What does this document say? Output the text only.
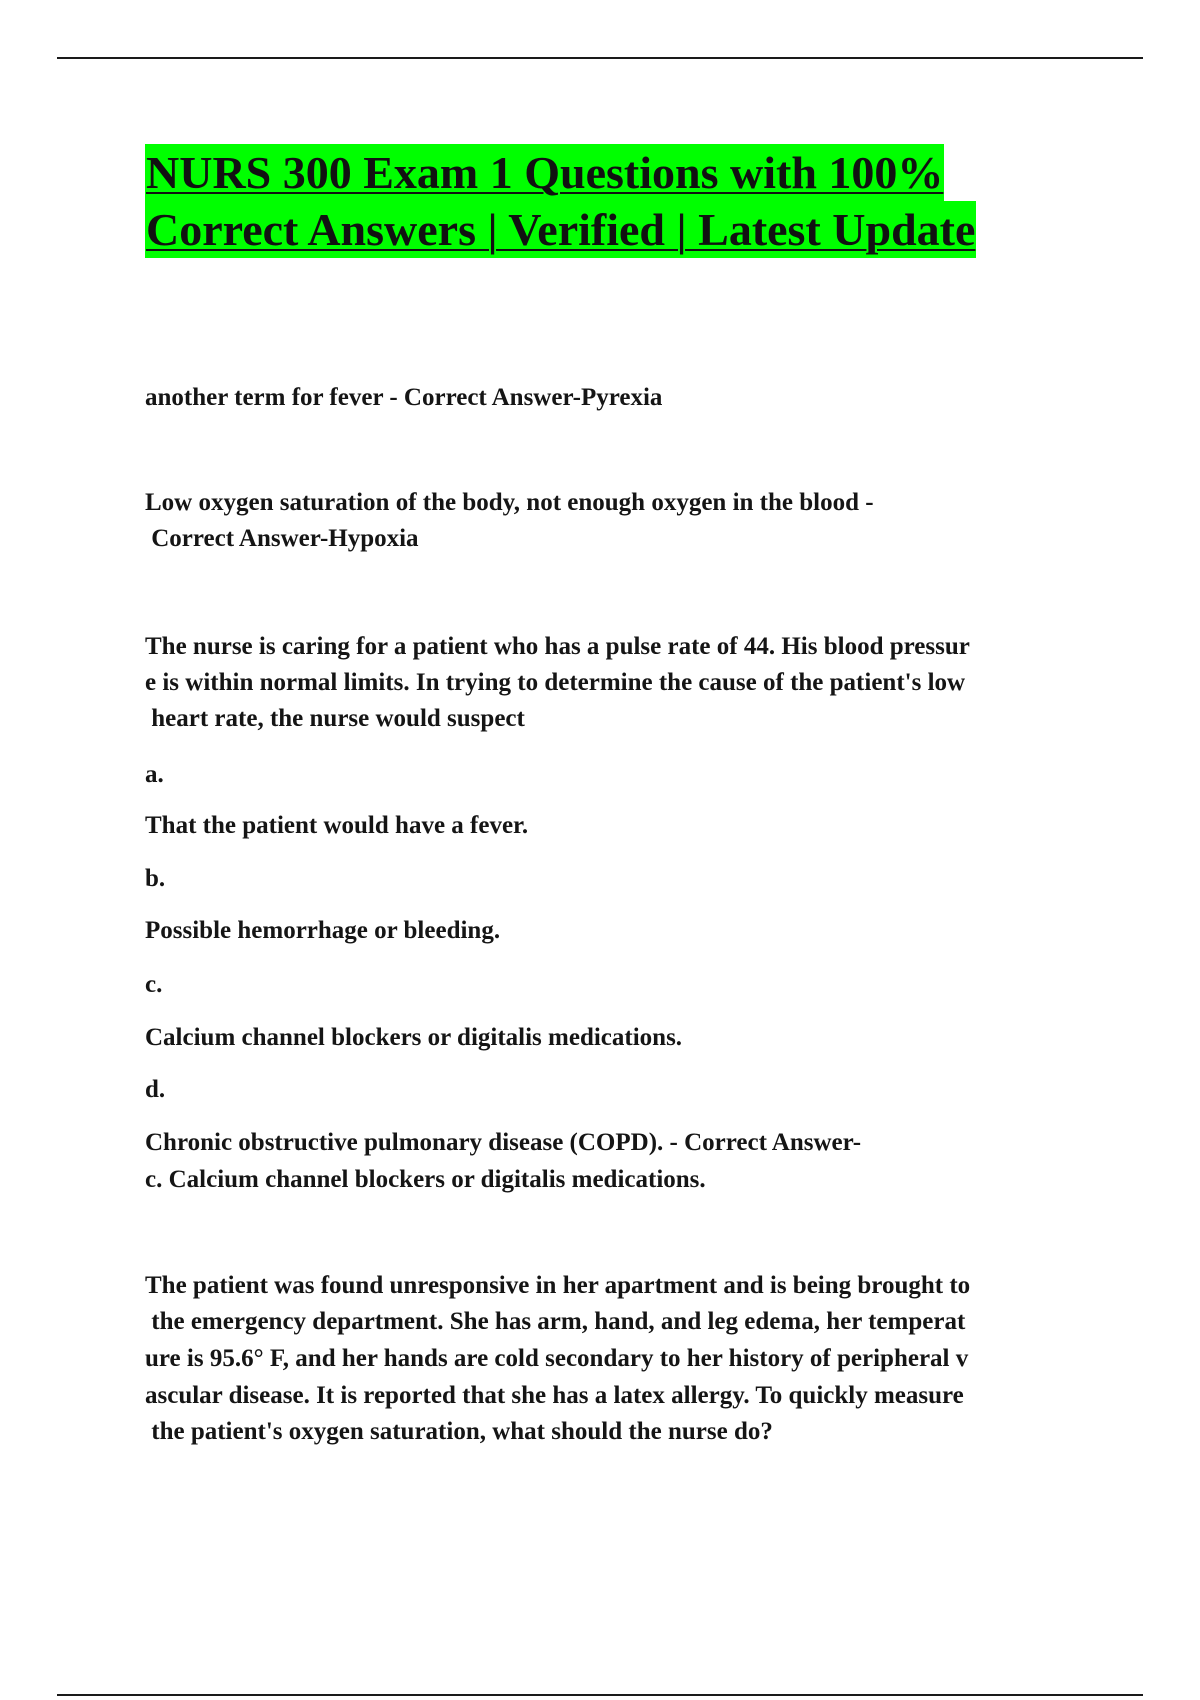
NURS 300 Exam 1 Questions with 100%
Correct Answers | Verified | Latest Update

another term for fever - Correct Answer-Pyrexia

Low oxygen saturation of the body, not enough oxygen in the blood -

Correct Answer-Hypoxia

The nurse is caring for a patient who has a pulse rate of 44. His blood pressur

e is within normal limits. In trying to determine the cause of the patient's low

heart rate, the nurse would suspect

a.

That the patient would have a fever.

b.

Possible hemorrhage or bleeding.

c.

Calcium channel blockers or digitalis medications.

d.

Chronic obstructive pulmonary disease (COPD). - Correct Answer-

c. Calcium channel blockers or digitalis medications.

The patient was found unresponsive in her apartment and is being brought to

the emergency department. She has arm, hand, and leg edema, her temperat

ure is 95.6° F, and her hands are cold secondary to her history of peripheral v

ascular disease. It is reported that she has a latex allergy. To quickly measure

the patient's oxygen saturation, what should the nurse do?
